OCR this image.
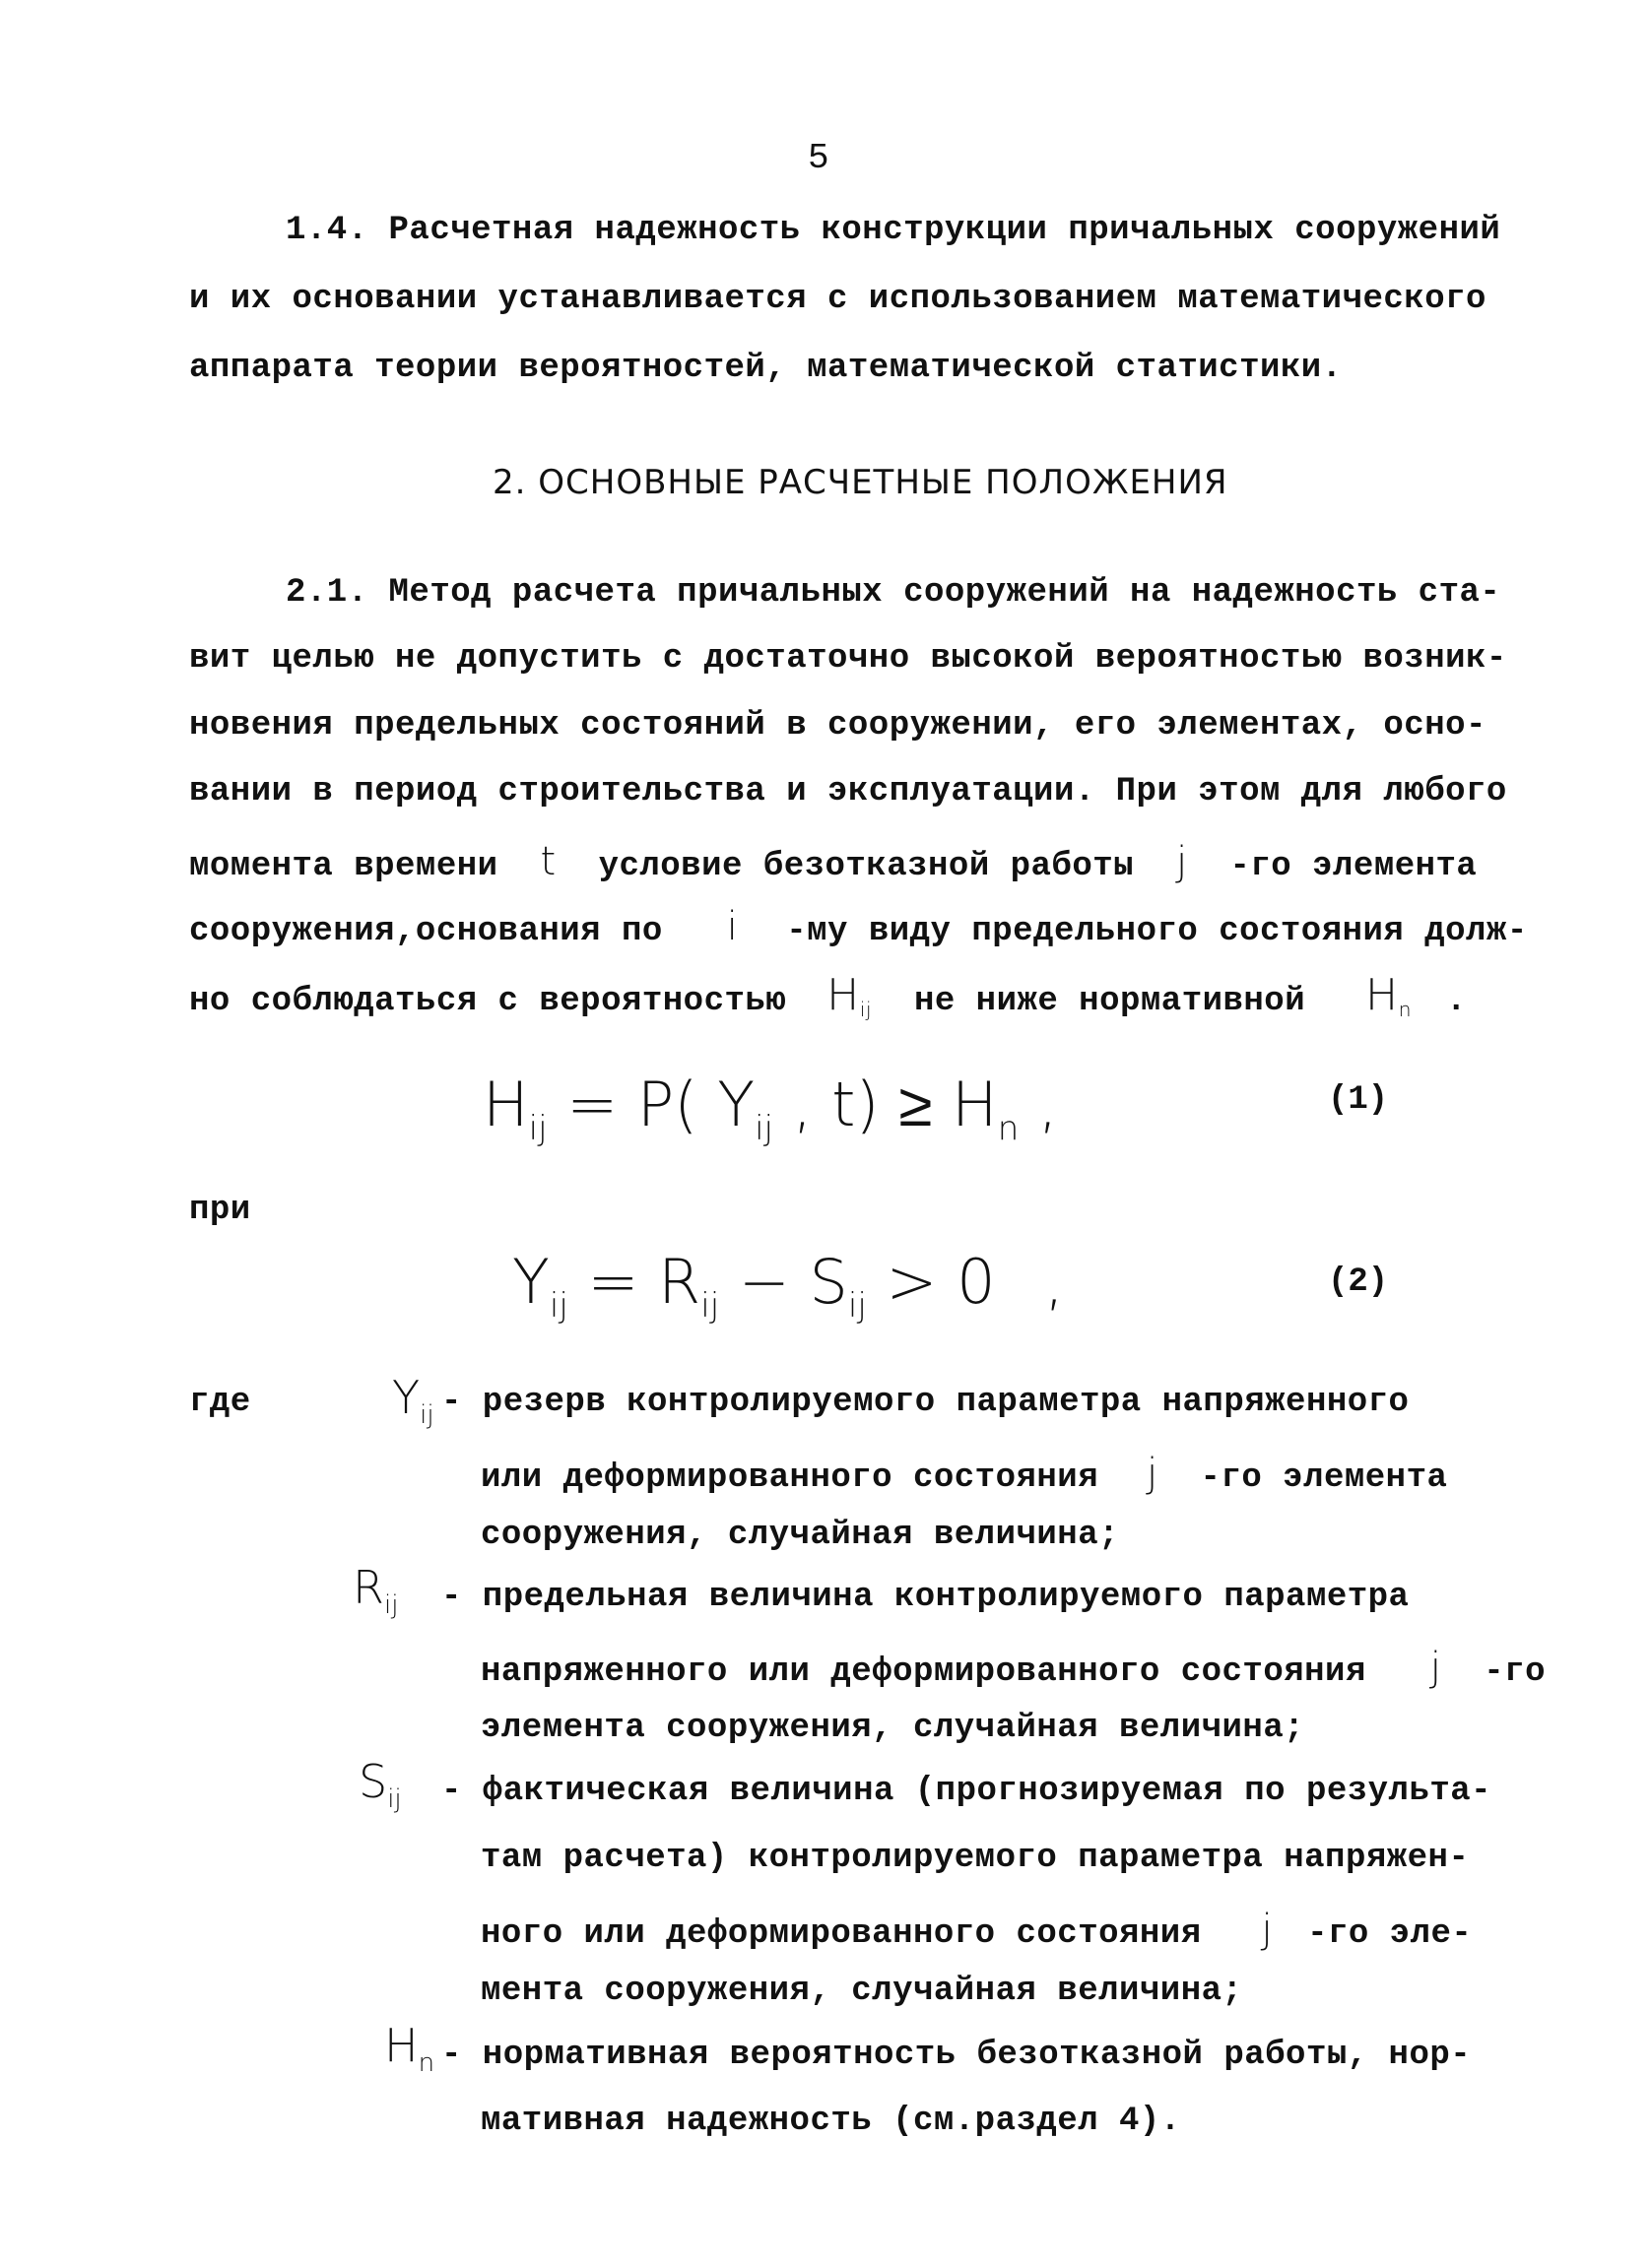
5
1.4. Расчетная надежность конструкции причальных сооружений
и их основании устанавливается с использованием математического
аппарата теории вероятностей, математической статистики.
2. ОСНОВНЫЕ РАСЧЕТНЫЕ ПОЛОЖЕНИЯ
2.1. Метод расчета причальных сооружений на надежность ста-
вит целью не допустить с достаточно высокой вероятностью возник-
новения предельных состояний в сооружении, его элементах, осно-
вании в период строительства и эксплуатации. При этом для любого
момента времени t условие безотказной работы j -го элемента
сооружения,основания по i -му виду предельного состояния долж-
но соблюдаться с вероятностью $H_{ij}$ не ниже нормативной $H_n$ .
$H_{ij} = P$( $Y_{ij}$ , $t) \ge H_n$ ,	(1)
при
$Y_{ij} = R_{ij} - S_{ij} > 0$ ,	(2)
где	$Y_{ij}$ - резерв контролируемого параметра напряженного
или деформированного состояния j -го элемента
сооружения, случайная величина;
$R_{ij}$ - предельная величина контролируемого параметра
напряженного или деформированного состояния j -го
элемента сооружения, случайная величина;
$S_{ij}$ - фактическая величина (прогнозируемая по результа-
там расчета) контролируемого параметра напряжен-
ного или деформированного состояния j -го эле-
мента сооружения, случайная величина;
$H_n$ - нормативная вероятность безотказной работы, нор-
мативная надежность (см.раздел 4).
